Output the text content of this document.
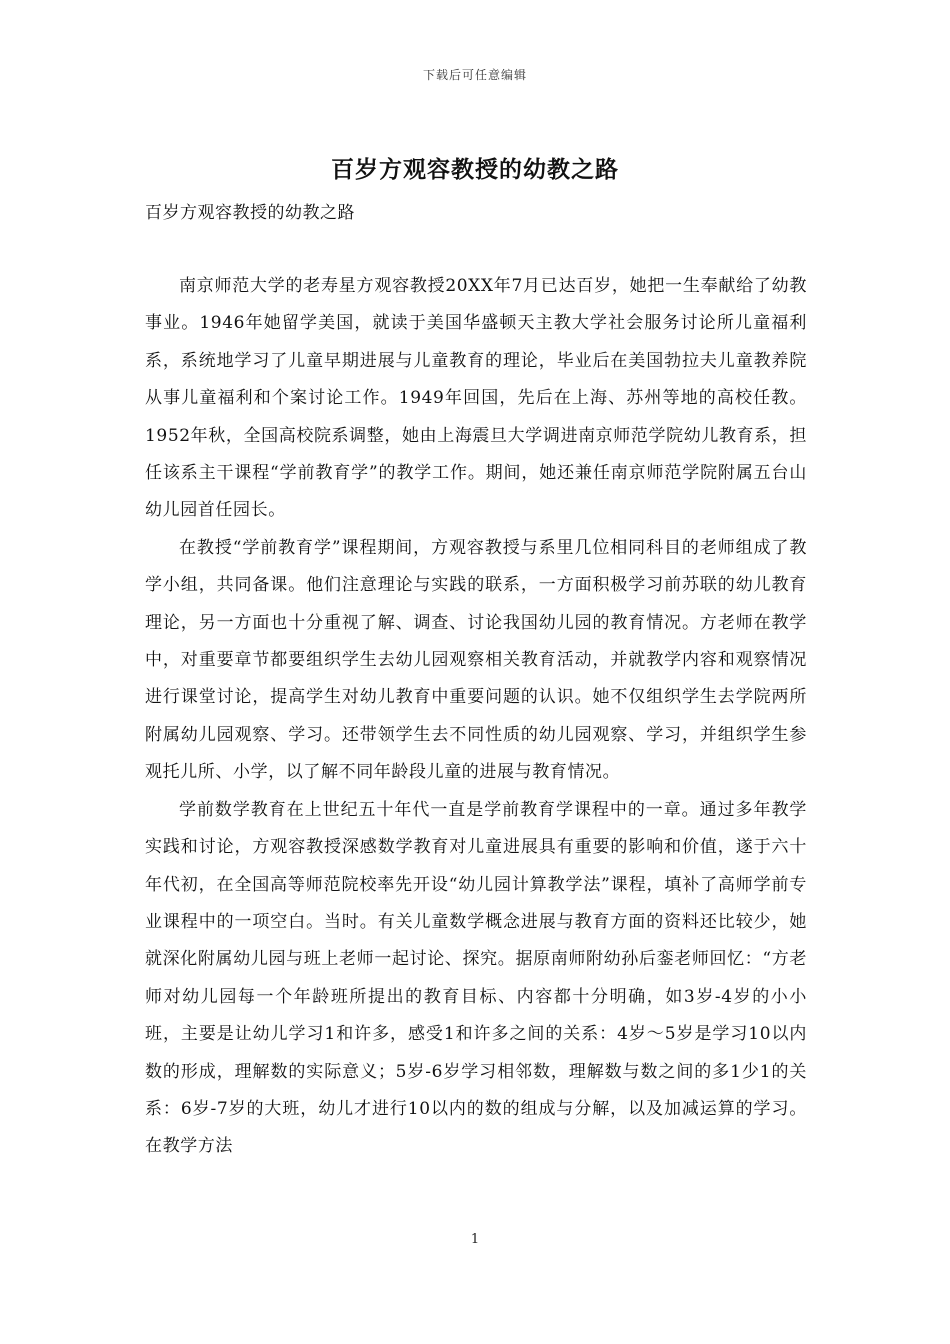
下载后可任意编辑
百岁方观容教授的幼教之路
百岁方观容教授的幼教之路

南京师范大学的老寿星方观容教授20XX年7月已达百岁，她把一生奉献给了幼教事业。1946年她留学美国，就读于美国华盛顿天主教大学社会服务讨论所儿童福利系，系统地学习了儿童早期进展与儿童教育的理论，毕业后在美国勃拉夫儿童教养院从事儿童福利和个案讨论工作。1949年回国，先后在上海、苏州等地的高校任教。1952年秋，全国高校院系调整，她由上海震旦大学调进南京师范学院幼儿教育系，担任该系主干课程“学前教育学”的教学工作。期间，她还兼任南京师范学院附属五台山幼儿园首任园长。

在教授“学前教育学”课程期间，方观容教授与系里几位相同科目的老师组成了教学小组，共同备课。他们注意理论与实践的联系，一方面积极学习前苏联的幼儿教育理论，另一方面也十分重视了解、调查、讨论我国幼儿园的教育情况。方老师在教学中，对重要章节都要组织学生去幼儿园观察相关教育活动，并就教学内容和观察情况进行课堂讨论，提高学生对幼儿教育中重要问题的认识。她不仅组织学生去学院两所附属幼儿园观察、学习。还带领学生去不同性质的幼儿园观察、学习，并组织学生参观托儿所、小学，以了解不同年龄段儿童的进展与教育情况。

学前数学教育在上世纪五十年代一直是学前教育学课程中的一章。通过多年教学实践和讨论，方观容教授深感数学教育对儿童进展具有重要的影响和价值，遂于六十年代初，在全国高等师范院校率先开设“幼儿园计算教学法”课程，填补了高师学前专业课程中的一项空白。当时。有关儿童数学概念进展与教育方面的资料还比较少，她就深化附属幼儿园与班上老师一起讨论、探究。据原南师附幼孙后銮老师回忆：“方老师对幼儿园每一个年龄班所提出的教育目标、内容都十分明确，如3岁-4岁的小小班，主要是让幼儿学习1和许多，感受1和许多之间的关系：4岁～5岁是学习10以内数的形成，理解数的实际意义；5岁-6岁学习相邻数，理解数与数之间的多1少1的关系：6岁-7岁的大班，幼儿才进行10以内的数的组成与分解，以及加减运算的学习。在教学方法

1
